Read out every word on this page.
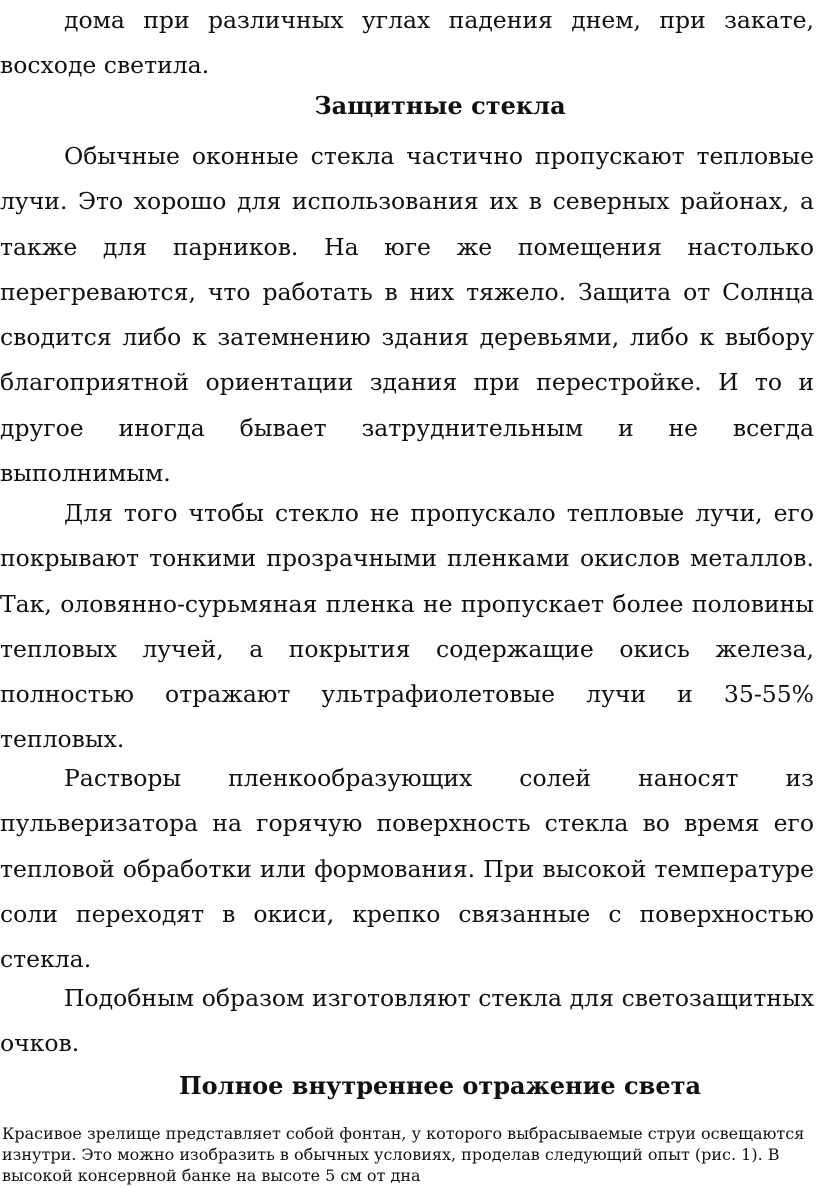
дома при различных углах падения днем, при закате, восходе светила.

Защитные стекла

Обычные оконные стекла частично пропускают тепловые лучи. Это хорошо для использования их в северных районах, а также для парников. На юге же помещения настолько перегреваются, что работать в них тяжело. Защита от Солнца сводится либо к затемнению здания деревьями, либо к выбору благоприятной ориентации здания при перестройке. И то и другое иногда бывает затруднительным и не всегда выполнимым.

Для того чтобы стекло не пропускало тепловые лучи, его покрывают тонкими прозрачными пленками окислов металлов. Так, оловянно-сурьмяная пленка не пропускает более половины тепловых лучей, а покрытия содержащие окись железа, полностью отражают ультрафиолетовые лучи и 35-55% тепловых.

Растворы пленкообразующих солей наносят из пульверизатора на горячую поверхность стекла во время его тепловой обработки или формования. При высокой температуре соли переходят в окиси, крепко связанные с поверхностью стекла.

Подобным образом изготовляют стекла для светозащитных очков.

Полное внутреннее отражение света

Красивое зрелище представляет собой фонтан, у которого выбрасываемые струи освещаются изнутри. Это можно изобразить в обычных условиях, проделав следующий опыт (рис. 1). В высокой консервной банке на высоте 5 см от дна
